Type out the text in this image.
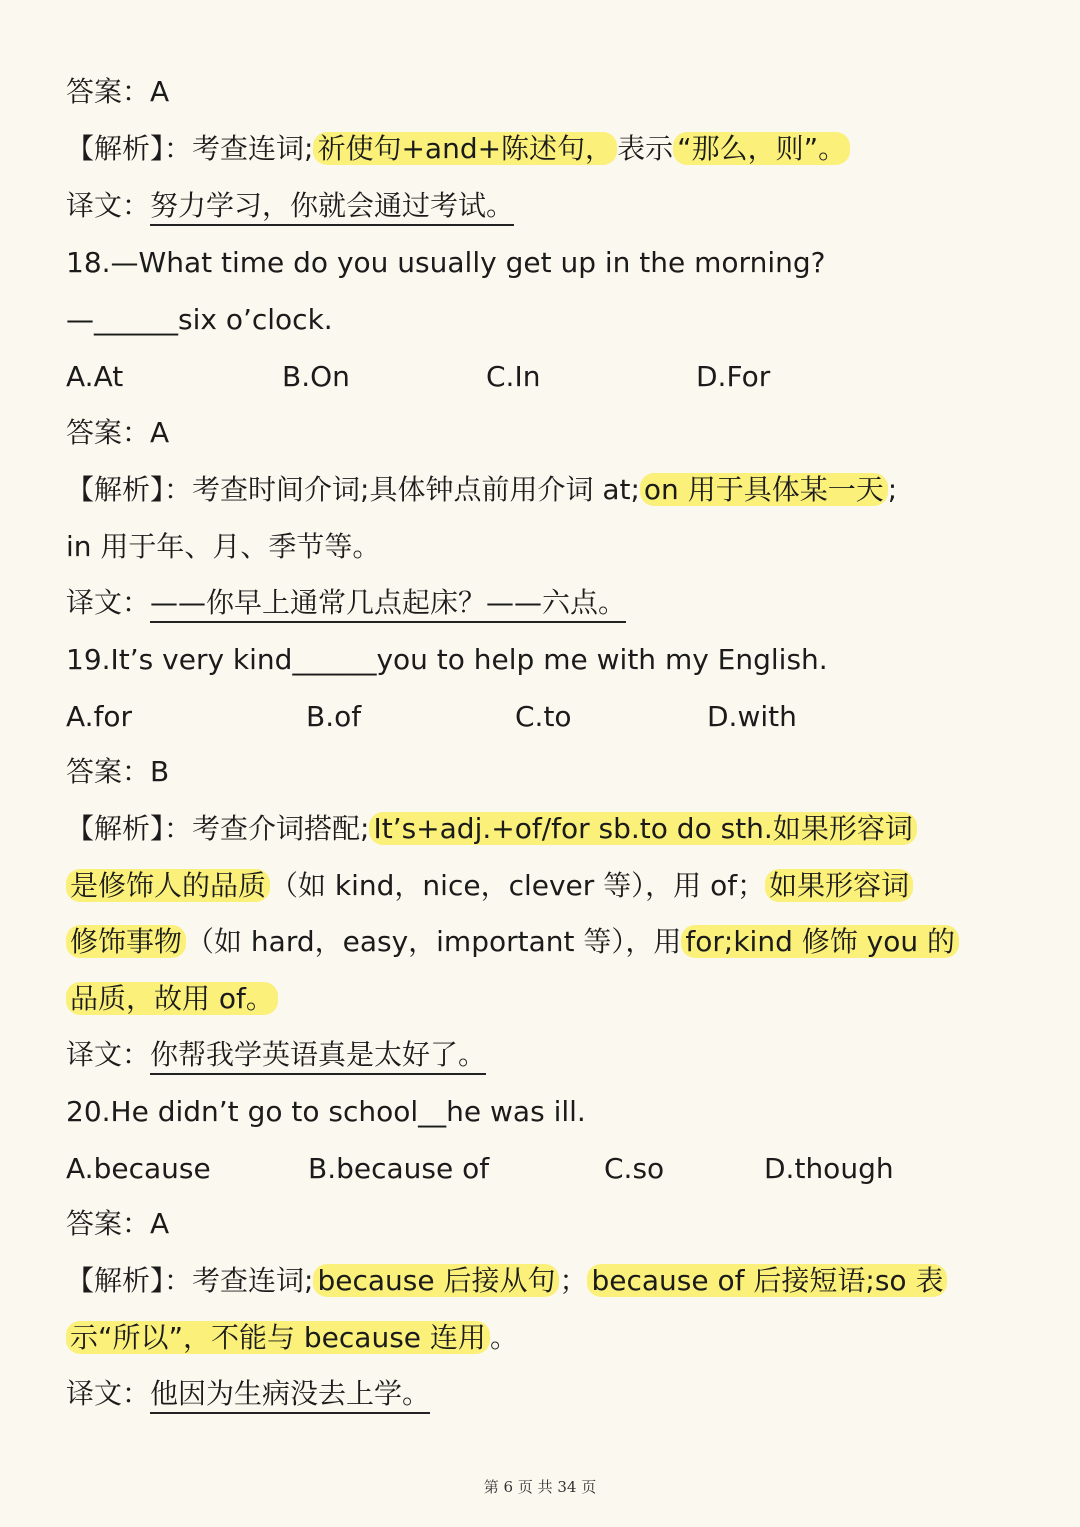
答案：A
【解析】：考查连词; 祈使句+and+陈述句， 表示 “那么，则”。
译文：努力学习，你就会通过考试。
18.—What time do you usually get up in the morning?
—______six o’clock.
A.At	B.On	C.In	D.For
答案：A
【解析】：考查时间介词;具体钟点前用介词 at; on 用于具体某一天 ;
in 用于年、月、季节等。
译文：——你早上通常几点起床？——六点。
19.It’s very kind______you to help me with my English.
A.for	B.of	C.to	D.with
答案：B
【解析】：考查介词搭配; It’s+adj.+of/for sb.to do sth.如果形容词
是修饰人的品质 （如 kind，nice，clever 等），用 of； 如果形容词
修饰事物 （如 hard，easy，important 等），用 for;kind 修饰 you 的
品质，故用 of。
译文：你帮我学英语真是太好了。
20.He didn’t go to school__he was ill.
A.because	B.because of	C.so	D.though
答案：A
【解析】：考查连词; because 后接从句 ； because of 后接短语;so 表
示“所以”，不能与 because 连用 。
译文：他因为生病没去上学。
第 6 页 共 34 页
